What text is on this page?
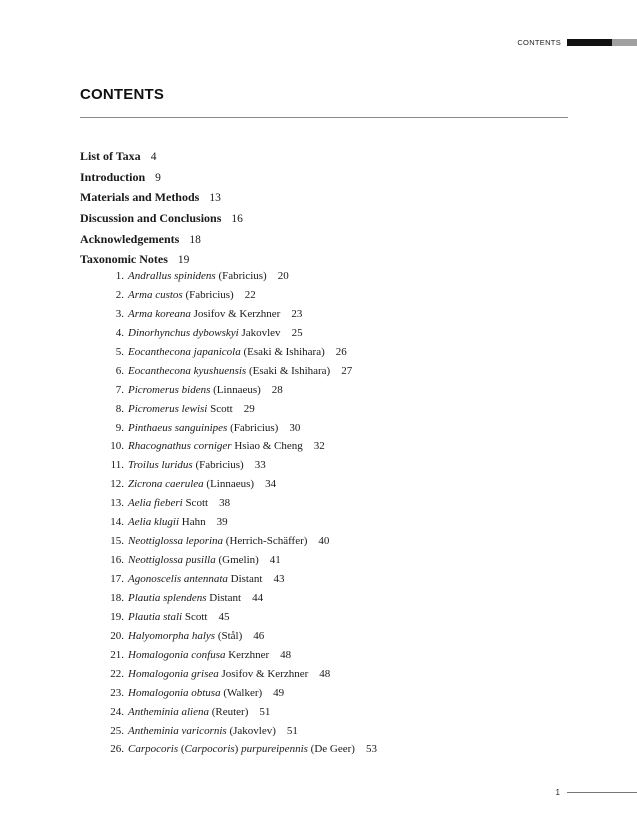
CONTENTS
CONTENTS
List of Taxa 4
Introduction 9
Materials and Methods 13
Discussion and Conclusions 16
Acknowledgements 18
Taxonomic Notes 19
1. Andrallus spinidens (Fabricius) 20
2. Arma custos (Fabricius) 22
3. Arma koreana Josifov & Kerzhner 23
4. Dinorhynchus dybowskyi Jakovlev 25
5. Eocanthecona japanicola (Esaki & Ishihara) 26
6. Eocanthecona kyushuensis (Esaki & Ishihara) 27
7. Picromerus bidens (Linnaeus) 28
8. Picromerus lewisi Scott 29
9. Pinthaeus sanguinipes (Fabricius) 30
10. Rhacognathus corniger Hsiao & Cheng 32
11. Troilus luridus (Fabricius) 33
12. Zicrona caerulea (Linnaeus) 34
13. Aelia fieberi Scott 38
14. Aelia klugii Hahn 39
15. Neottiglossa leporina (Herrich-Schäffer) 40
16. Neottiglossa pusilla (Gmelin) 41
17. Agonoscelis antennata Distant 43
18. Plautia splendens Distant 44
19. Plautia stali Scott 45
20. Halyomorpha halys (Stål) 46
21. Homalogonia confusa Kerzhner 48
22. Homalogonia grisea Josifov & Kerzhner 48
23. Homalogonia obtusa (Walker) 49
24. Antheminia aliena (Reuter) 51
25. Antheminia varicornis (Jakovlev) 51
26. Carpocoris (Carpocoris) purpureipennis (De Geer) 53
1
